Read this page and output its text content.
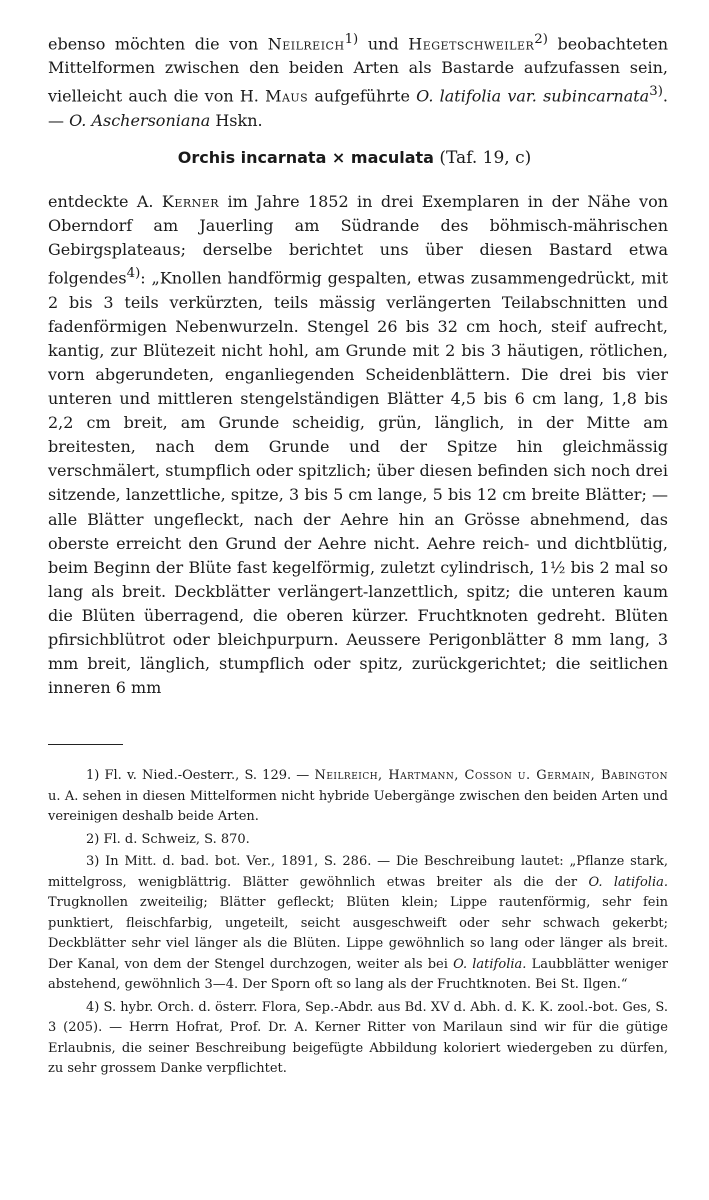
ebenso möchten die von Neilreich$^{1)}$ und Hegetschweiler$^{2)}$ beobachteten Mittelformen zwischen den beiden Arten als Bastarde aufzufassen sein, vielleicht auch die von H. Maus aufgeführte O. latifolia var. subincarnata$^{3)}$. — O. Aschersoniana Hskn.
Orchis incarnata × maculata (Taf. 19, c)
entdeckte A. Kerner im Jahre 1852 in drei Exemplaren in der Nähe von Oberndorf am Jauerling am Südrande des böhmisch-mährischen Gebirgsplateaus; derselbe berichtet uns über diesen Bastard etwa folgendes$^{4)}$: „Knollen handförmig gespalten, etwas zusammengedrückt, mit 2 bis 3 teils verkürzten, teils mässig verlängerten Teilabschnitten und fadenförmigen Nebenwurzeln. Stengel 26 bis 32 cm hoch, steif aufrecht, kantig, zur Blütezeit nicht hohl, am Grunde mit 2 bis 3 häutigen, rötlichen, vorn abgerundeten, enganliegenden Scheidenblättern. Die drei bis vier unteren und mittleren stengelständigen Blätter 4,5 bis 6 cm lang, 1,8 bis 2,2 cm breit, am Grunde scheidig, grün, länglich, in der Mitte am breitesten, nach dem Grunde und der Spitze hin gleichmässig verschmälert, stumpflich oder spitzlich; über diesen befinden sich noch drei sitzende, lanzettliche, spitze, 3 bis 5 cm lange, 5 bis 12 cm breite Blätter; — alle Blätter ungefleckt, nach der Aehre hin an Grösse abnehmend, das oberste erreicht den Grund der Aehre nicht. Aehre reich- und dichtblütig, beim Beginn der Blüte fast kegelförmig, zuletzt cylindrisch, 1½ bis 2 mal so lang als breit. Deckblätter verlängert-lanzettlich, spitz; die unteren kaum die Blüten überragend, die oberen kürzer. Fruchtknoten gedreht. Blüten pfirsichblütrot oder bleichpurpurn. Aeussere Perigonblätter 8 mm lang, 3 mm breit, länglich, stumpflich oder spitz, zurückgerichtet; die seitlichen inneren 6 mm

1) Fl. v. Nied.-Oesterr., S. 129. — Neilreich, Hartmann, Cosson u. Germain, Babington u. A. sehen in diesen Mittelformen nicht hybride Uebergänge zwischen den beiden Arten und vereinigen deshalb beide Arten.

2) Fl. d. Schweiz, S. 870.

3) In Mitt. d. bad. bot. Ver., 1891, S. 286. — Die Beschreibung lautet: „Pflanze stark, mittelgross, wenigblättrig. Blätter gewöhnlich etwas breiter als die der O. latifolia. Trugknollen zweiteilig; Blätter gefleckt; Blüten klein; Lippe rautenförmig, sehr fein punktiert, fleischfarbig, ungeteilt, seicht ausgeschweift oder sehr schwach gekerbt; Deckblätter sehr viel länger als die Blüten. Lippe gewöhnlich so lang oder länger als breit. Der Kanal, von dem der Stengel durchzogen, weiter als bei O. latifolia. Laubblätter weniger abstehend, gewöhnlich 3—4. Der Sporn oft so lang als der Fruchtknoten. Bei St. Ilgen.“

4) S. hybr. Orch. d. österr. Flora, Sep.-Abdr. aus Bd. XV d. Abh. d. K. K. zool.-bot. Ges, S. 3 (205). — Herrn Hofrat, Prof. Dr. A. Kerner Ritter von Marilaun sind wir für die gütige Erlaubnis, die seiner Beschreibung beigefügte Abbildung koloriert wiedergeben zu dürfen, zu sehr grossem Danke verpflichtet.
